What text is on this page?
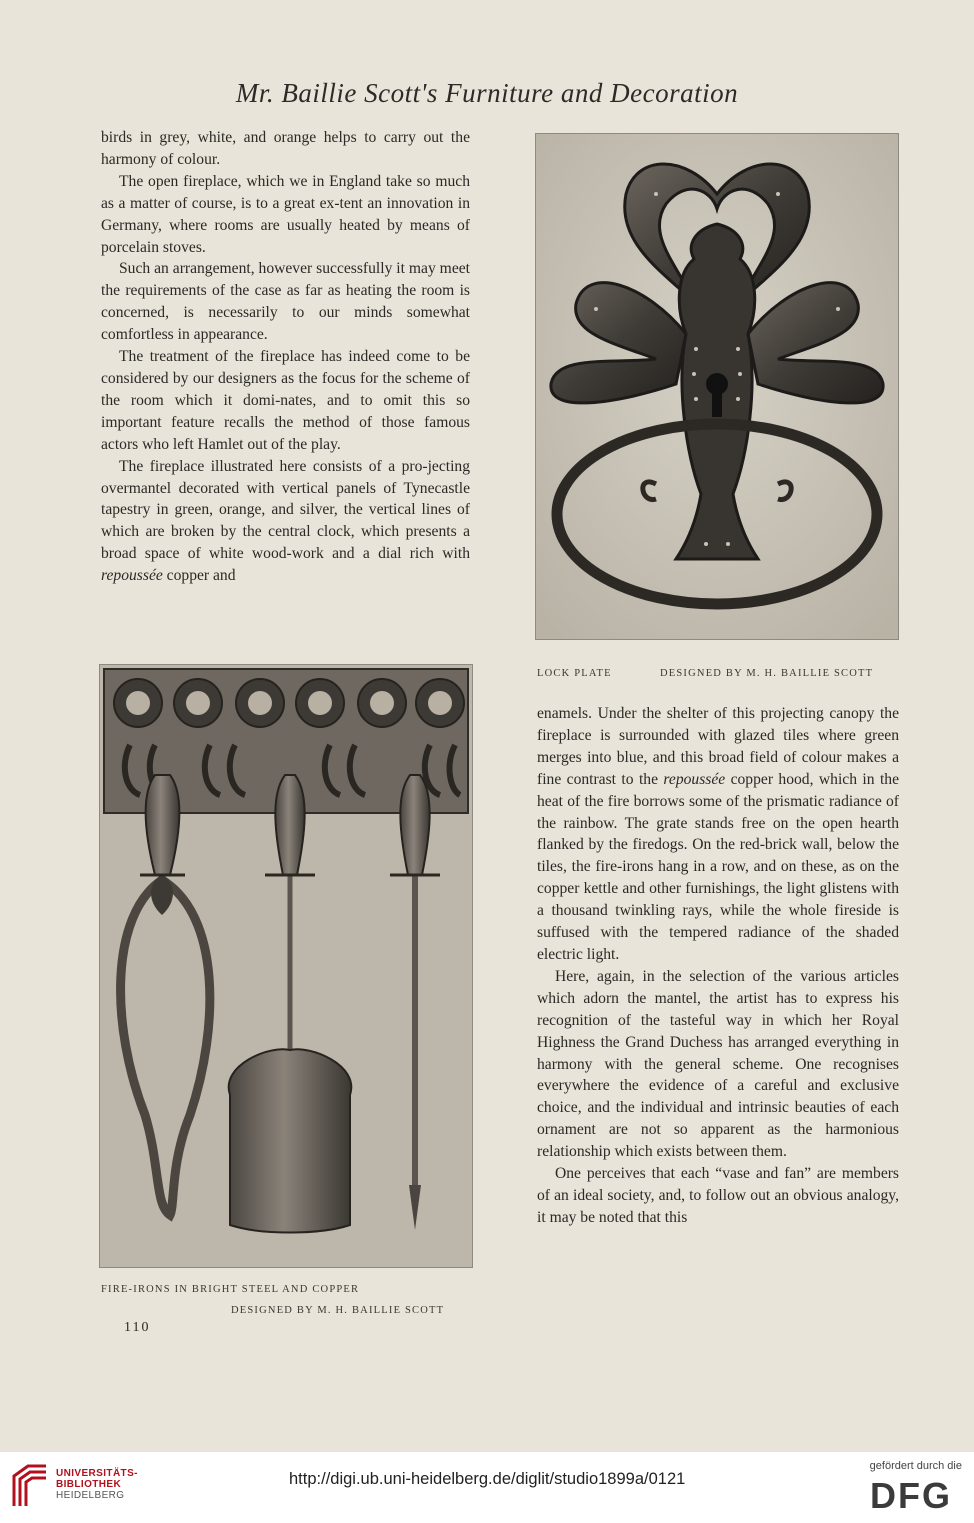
Mr. Baillie Scott's Furniture and Decoration

birds in grey, white, and orange helps to carry out the harmony of colour.

The open fireplace, which we in England take so much as a matter of course, is to a great ex-tent an innovation in Germany, where rooms are usually heated by means of porcelain stoves.

Such an arrangement, however successfully it may meet the requirements of the case as far as heating the room is concerned, is necessarily to our minds somewhat comfortless in appearance.

The treatment of the fireplace has indeed come to be considered by our designers as the focus for the scheme of the room which it domi-nates, and to omit this so important feature recalls the method of those famous actors who left Hamlet out of the play.

The fireplace illustrated here consists of a pro-jecting overmantel decorated with vertical panels of Tynecastle tapestry in green, orange, and silver, the vertical lines of which are broken by the central clock, which presents a broad space of white wood-work and a dial rich with repoussée copper and

LOCK PLATE	DESIGNED BY M. H. BAILLIE SCOTT
FIRE-IRONS IN BRIGHT STEEL AND COPPER
DESIGNED BY M. H. BAILLIE SCOTT
110

enamels. Under the shelter of this projecting canopy the fireplace is surrounded with glazed tiles where green merges into blue, and this broad field of colour makes a fine contrast to the repoussée copper hood, which in the heat of the fire borrows some of the prismatic radiance of the rainbow. The grate stands free on the open hearth flanked by the firedogs. On the red-brick wall, below the tiles, the fire-irons hang in a row, and on these, as on the copper kettle and other furnishings, the light glistens with a thousand twinkling rays, while the whole fireside is suffused with the tempered radiance of the shaded electric light.

Here, again, in the selection of the various articles which adorn the mantel, the artist has to express his recognition of the tasteful way in which her Royal Highness the Grand Duchess has arranged everything in harmony with the general scheme. One recognises everywhere the evidence of a careful and exclusive choice, and the individual and intrinsic beauties of each ornament are not so apparent as the harmonious relationship which exists between them.

One perceives that each “vase and fan” are members of an ideal society, and, to follow out an obvious analogy, it may be noted that this

UNIVERSITÄTS-
BIBLIOTHEK
HEIDELBERG
http://digi.ub.uni-heidelberg.de/diglit/studio1899a/0121
gefördert durch die
DFG
